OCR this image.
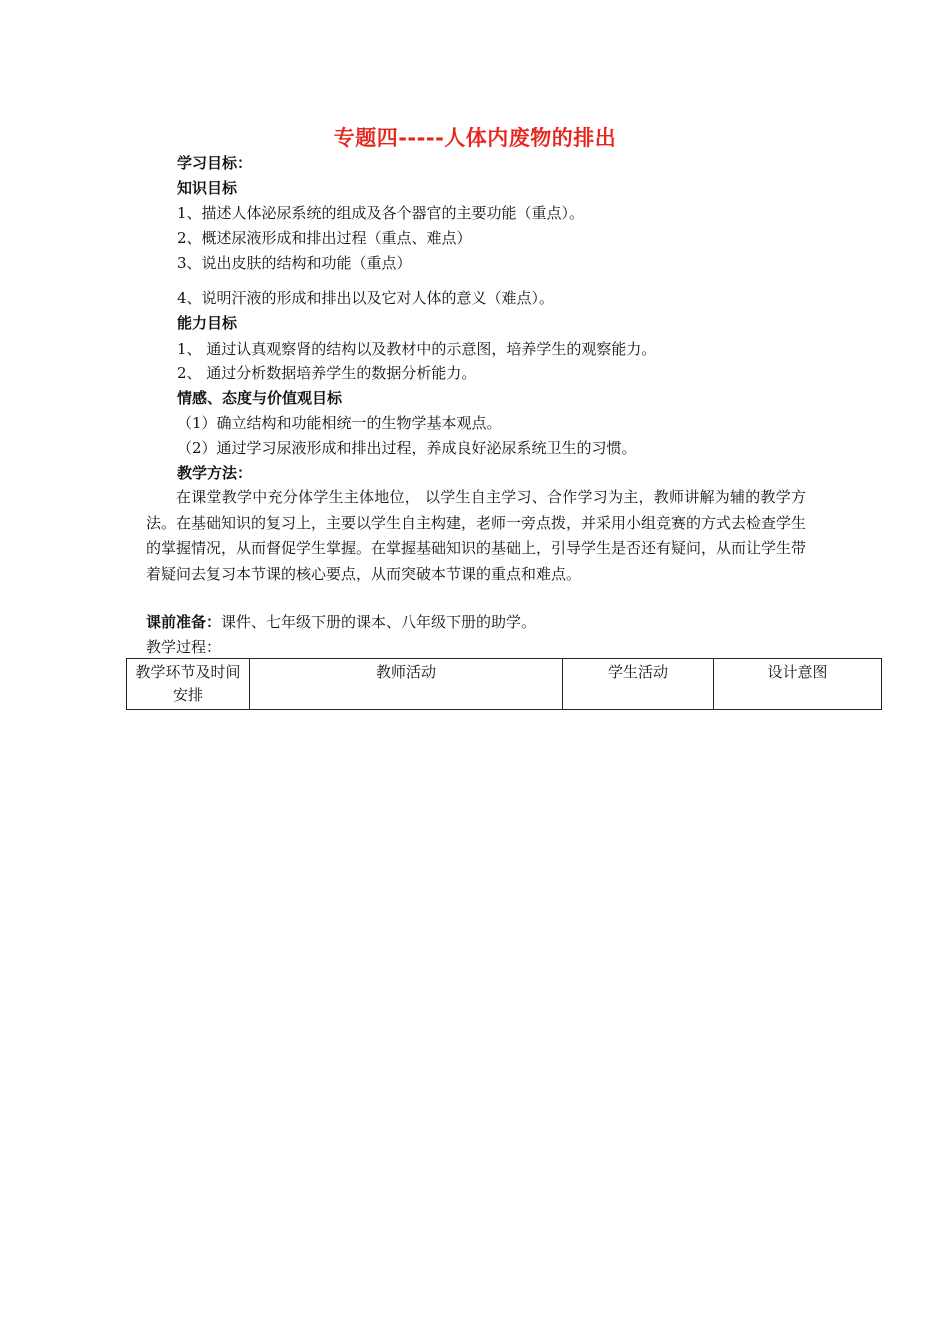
专题四-----人体内废物的排出
学习目标：
知识目标
1、描述人体泌尿系统的组成及各个器官的主要功能（重点）。
2、概述尿液形成和排出过程（重点、难点）
3、说出皮肤的结构和功能（重点）
4、说明汗液的形成和排出以及它对人体的意义（难点）。
能力目标
1、 通过认真观察肾的结构以及教材中的示意图，培养学生的观察能力。
2、 通过分析数据培养学生的数据分析能力。
情感、态度与价值观目标
（1）确立结构和功能相统一的生物学基本观点。
（2）通过学习尿液形成和排出过程，养成良好泌尿系统卫生的习惯。
教学方法：
在课堂教学中充分体学生主体地位， 以学生自主学习、合作学习为主，教师讲解为辅的教学方法。在基础知识的复习上，主要以学生自主构建，老师一旁点拨，并采用小组竞赛的方式去检查学生的掌握情况，从而督促学生掌握。在掌握基础知识的基础上，引导学生是否还有疑问，从而让学生带着疑问去复习本节课的核心要点，从而突破本节课的重点和难点。
课前准备：课件、七年级下册的课本、八年级下册的助学。
教学过程：
教学环节及时间安排	教师活动	学生活动	设计意图
